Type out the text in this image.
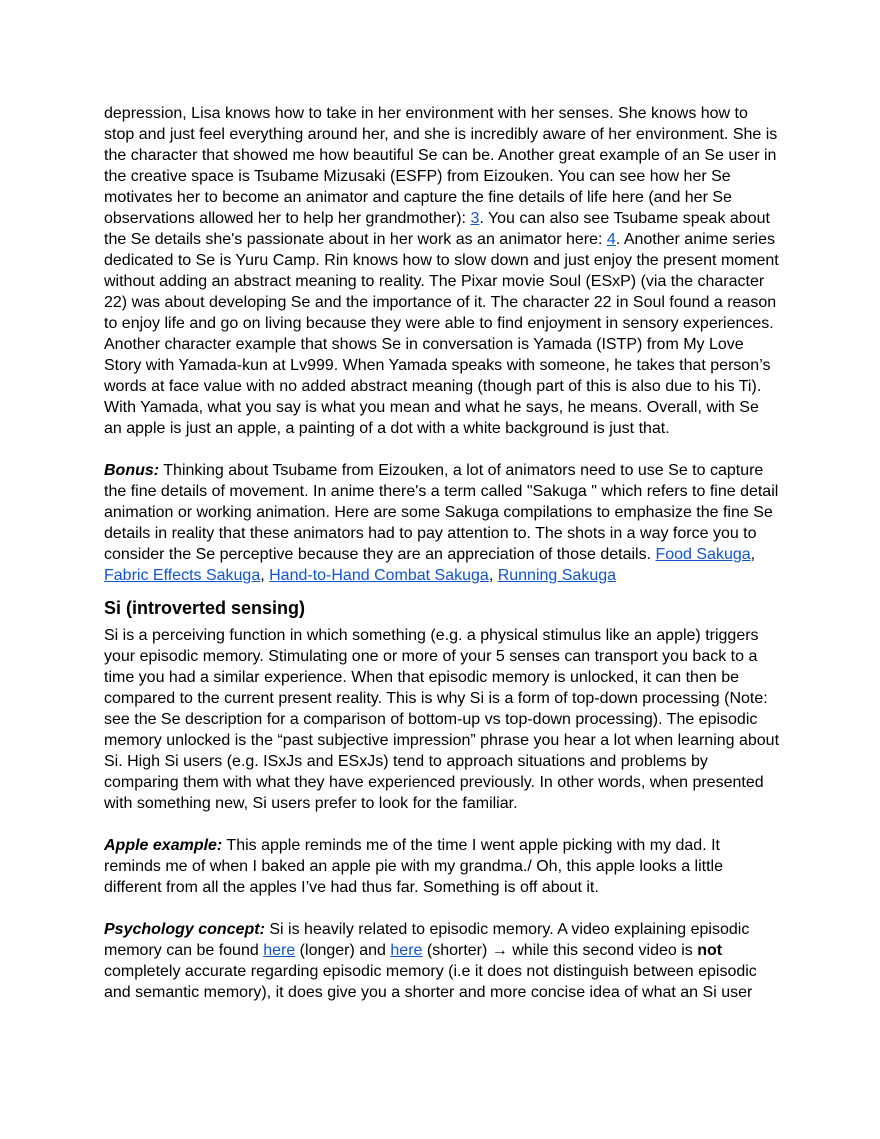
depression, Lisa knows how to take in her environment with her senses. She knows how to stop and just feel everything around her, and she is incredibly aware of her environment. She is the character that showed me how beautiful Se can be. Another great example of an Se user in the creative space is Tsubame Mizusaki (ESFP) from Eizouken. You can see how her Se motivates her to become an animator and capture the fine details of life here (and her Se observations allowed her to help her grandmother): 3. You can also see Tsubame speak about the Se details she's passionate about in her work as an animator here: 4. Another anime series dedicated to Se is Yuru Camp. Rin knows how to slow down and just enjoy the present moment without adding an abstract meaning to reality. The Pixar movie Soul (ESxP) (via the character 22) was about developing Se and the importance of it. The character 22 in Soul found a reason to enjoy life and go on living because they were able to find enjoyment in sensory experiences. Another character example that shows Se in conversation is Yamada (ISTP) from My Love Story with Yamada-kun at Lv999. When Yamada speaks with someone, he takes that person’s words at face value with no added abstract meaning (though part of this is also due to his Ti). With Yamada, what you say is what you mean and what he says, he means. Overall, with Se an apple is just an apple, a painting of a dot with a white background is just that.

Bonus: Thinking about Tsubame from Eizouken, a lot of animators need to use Se to capture the fine details of movement. In anime there's a term called "Sakuga " which refers to fine detail animation or working animation. Here are some Sakuga compilations to emphasize the fine Se details in reality that these animators had to pay attention to. The shots in a way force you to consider the Se perceptive because they are an appreciation of those details. Food Sakuga, Fabric Effects Sakuga, Hand-to-Hand Combat Sakuga, Running Sakuga

Si (introverted sensing)

Si is a perceiving function in which something (e.g. a physical stimulus like an apple) triggers your episodic memory. Stimulating one or more of your 5 senses can transport you back to a time you had a similar experience. When that episodic memory is unlocked, it can then be compared to the current present reality. This is why Si is a form of top-down processing (Note: see the Se description for a comparison of bottom-up vs top-down processing). The episodic memory unlocked is the “past subjective impression” phrase you hear a lot when learning about Si. High Si users (e.g. ISxJs and ESxJs) tend to approach situations and problems by comparing them with what they have experienced previously. In other words, when presented with something new, Si users prefer to look for the familiar.

Apple example: This apple reminds me of the time I went apple picking with my dad. It reminds me of when I baked an apple pie with my grandma./ Oh, this apple looks a little different from all the apples I’ve had thus far. Something is off about it.

Psychology concept: Si is heavily related to episodic memory. A video explaining episodic memory can be found here (longer) and here (shorter) → while this second video is not completely accurate regarding episodic memory (i.e it does not distinguish between episodic and semantic memory), it does give you a shorter and more concise idea of what an Si user
